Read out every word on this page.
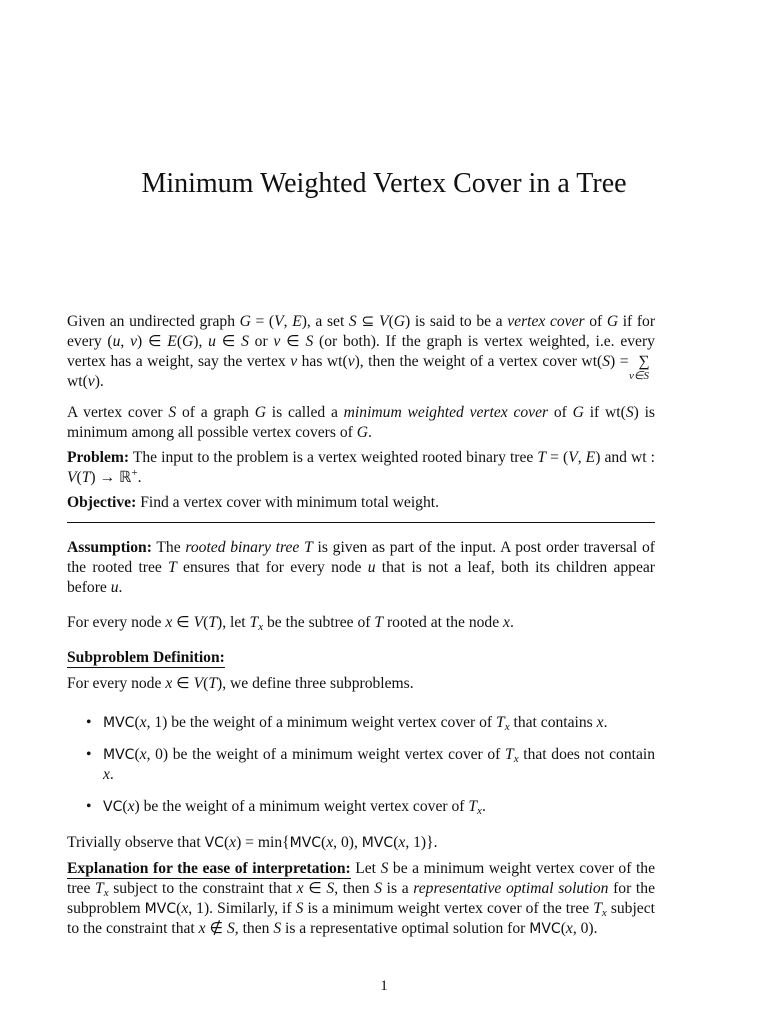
Minimum Weighted Vertex Cover in a Tree

Given an undirected graph G = (V, E), a set S ⊆ V(G) is said to be a vertex cover of G if for every (u, v) ∈ E(G), u ∈ S or v ∈ S (or both). If the graph is vertex weighted, i.e. every vertex has a weight, say the vertex v has wt(v), then the weight of a vertex cover wt(S) = ∑
v∈S
wt(v).

A vertex cover S of a graph G is called a minimum weighted vertex cover of G if wt(S) is minimum among all possible vertex covers of G.

Problem: The input to the problem is a vertex weighted rooted binary tree T = (V, E) and wt : V(T) → ℝ+.

Objective: Find a vertex cover with minimum total weight.

Assumption: The rooted binary tree T is given as part of the input. A post order traversal of the rooted tree T ensures that for every node u that is not a leaf, both its children appear before u.

For every node x ∈ V(T), let $T_x$ be the subtree of T rooted at the node x.

Subproblem Definition:

For every node x ∈ V(T), we define three subproblems.

• MVC(x, 1) be the weight of a minimum weight vertex cover of $T_x$ that contains x.
• MVC(x, 0) be the weight of a minimum weight vertex cover of $T_x$ that does not contain x.
• VC(x) be the weight of a minimum weight vertex cover of $T_x$.

Trivially observe that VC(x) = min{MVC(x, 0), MVC(x, 1)}.

Explanation for the ease of interpretation: Let S be a minimum weight vertex cover of the tree $T_x$ subject to the constraint that x ∈ S, then S is a representative optimal solution for the subproblem MVC(x, 1). Similarly, if S is a minimum weight vertex cover of the tree $T_x$ subject to the constraint that x ∉ S, then S is a representative optimal solution for MVC(x, 0).

1
